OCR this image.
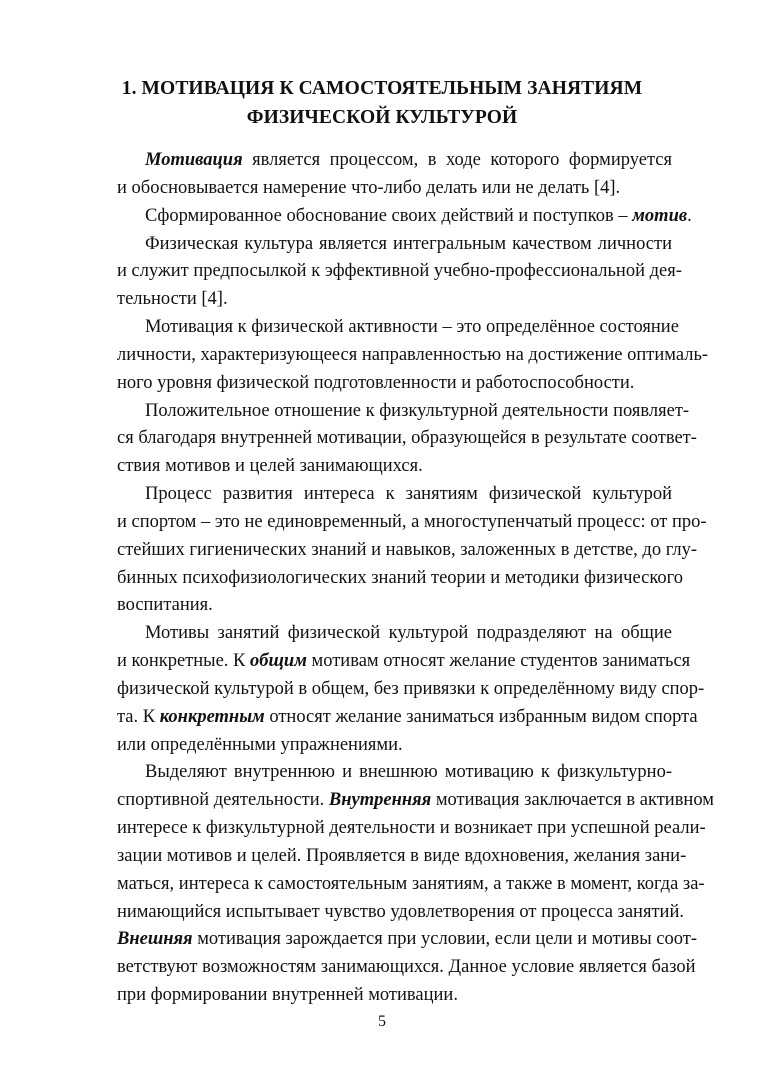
1. МОТИВАЦИЯ К САМОСТОЯТЕЛЬНЫМ ЗАНЯТИЯМ
ФИЗИЧЕСКОЙ КУЛЬТУРОЙ
Мотивация является процессом, в ходе которого формируется
и обосновывается намерение что-либо делать или не делать [4].
Сформированное обоснование своих действий и поступков – мотив.
Физическая культура является интегральным качеством личности
и служит предпосылкой к эффективной учебно-профессиональной дея-
тельности [4].
Мотивация к физической активности – это определённое состояние
личности, характеризующееся направленностью на достижение оптималь-
ного уровня физической подготовленности и работоспособности.
Положительное отношение к физкультурной деятельности появляет-
ся благодаря внутренней мотивации, образующейся в результате соответ-
ствия мотивов и целей занимающихся.
Процесс развития интереса к занятиям физической культурой
и спортом – это не единовременный, а многоступенчатый процесс: от про-
стейших гигиенических знаний и навыков, заложенных в детстве, до глу-
бинных психофизиологических знаний теории и методики физического
воспитания.
Мотивы занятий физической культурой подразделяют на общие
и конкретные. К общим мотивам относят желание студентов заниматься
физической культурой в общем, без привязки к определённому виду спор-
та. К конкретным относят желание заниматься избранным видом спорта
или определёнными упражнениями.
Выделяют внутреннюю и внешнюю мотивацию к физкультурно-
спортивной деятельности. Внутренняя мотивация заключается в активном
интересе к физкультурной деятельности и возникает при успешной реали-
зации мотивов и целей. Проявляется в виде вдохновения, желания зани-
маться, интереса к самостоятельным занятиям, а также в момент, когда за-
нимающийся испытывает чувство удовлетворения от процесса занятий.
Внешняя мотивация зарождается при условии, если цели и мотивы соот-
ветствуют возможностям занимающихся. Данное условие является базой
при формировании внутренней мотивации.
5
